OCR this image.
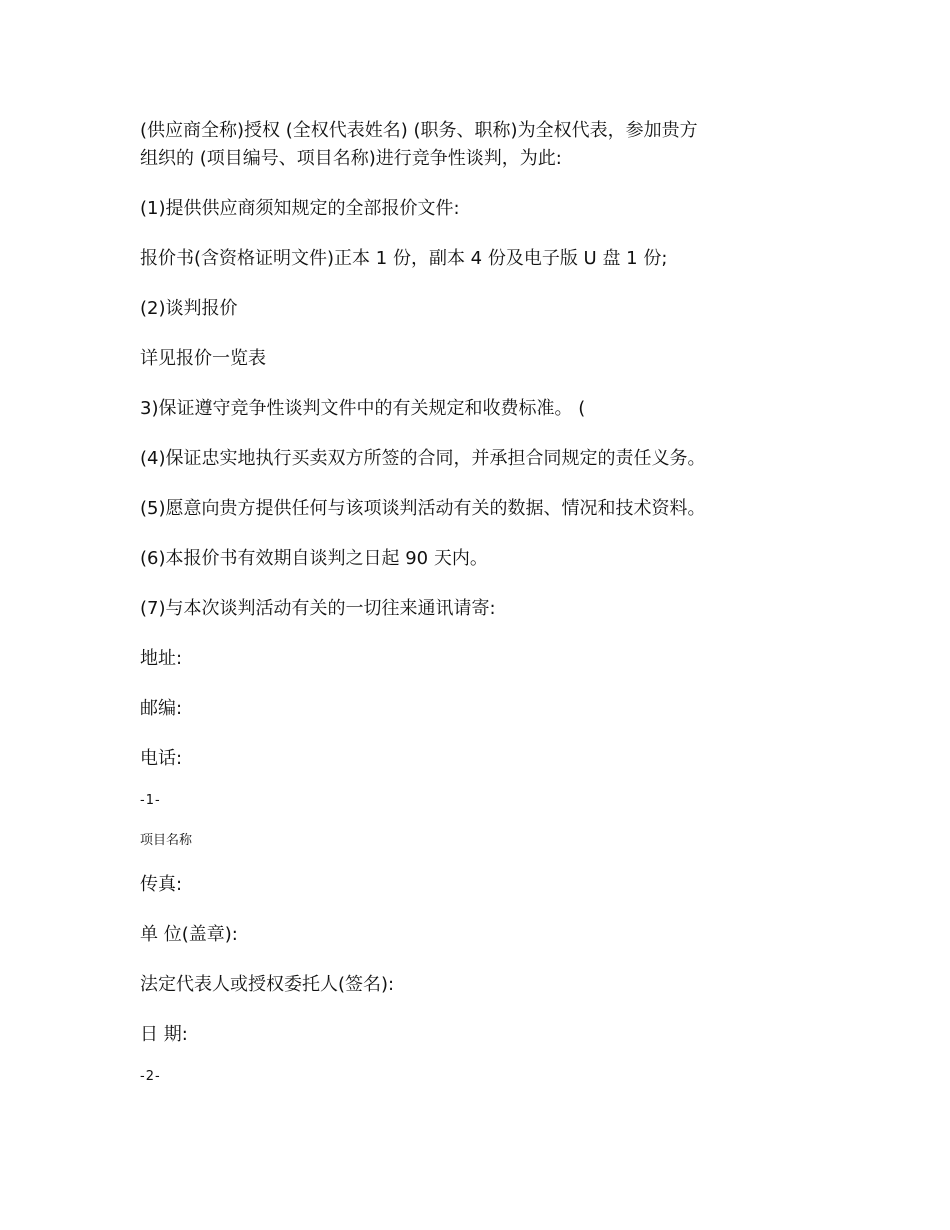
(供应商全称)授权 (全权代表姓名) (职务、职称)为全权代表，参加贵方
组织的 (项目编号、项目名称)进行竞争性谈判，为此:
(1)提供供应商须知规定的全部报价文件:
报价书(含资格证明文件)正本 1 份，副本 4 份及电子版 U 盘 1 份;
(2)谈判报价
详见报价一览表
3)保证遵守竞争性谈判文件中的有关规定和收费标准。 (
(4)保证忠实地执行买卖双方所签的合同，并承担合同规定的责任义务。
(5)愿意向贵方提供任何与该项谈判活动有关的数据、情况和技术资料。
(6)本报价书有效期自谈判之日起 90 天内。
(7)与本次谈判活动有关的一切往来通讯请寄:
地址:
邮编:
电话:
-1-
项目名称
传真:
单 位(盖章):
法定代表人或授权委托人(签名):
日 期:
-2-
